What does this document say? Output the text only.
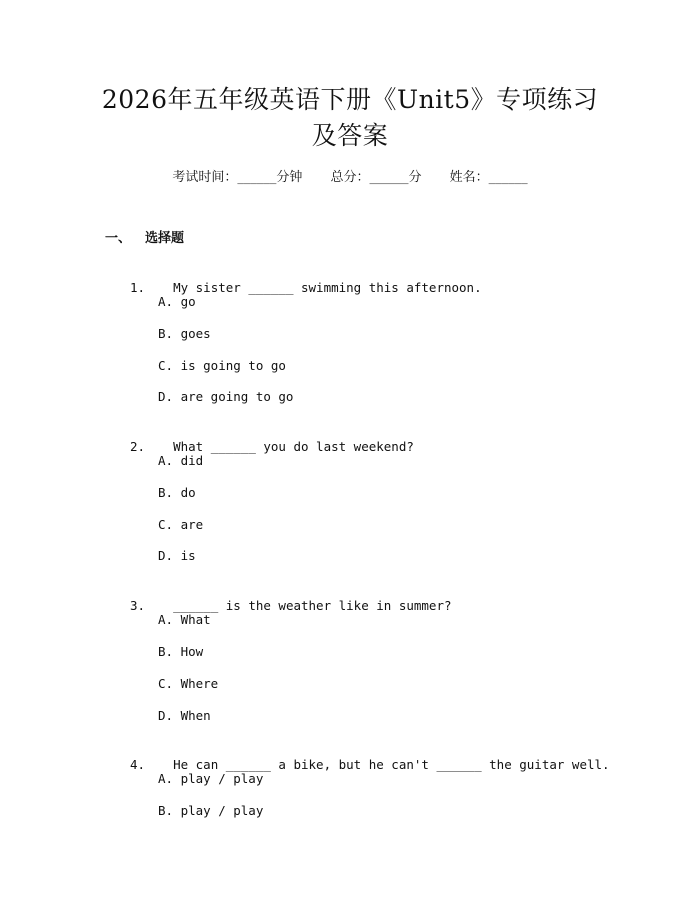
2026年五年级英语下册《Unit5》专项练习
及答案
考试时间：______分钟 总分：______分 姓名：______
一、 选择题

1. My sister ______ swimming this afternoon.

A. go
B. goes
C. is going to go
D. are going to go

2. What ______ you do last weekend?

A. did
B. do
C. are
D. is

3. ______ is the weather like in summer?

A. What
B. How
C. Where
D. When

4. He can ______ a bike, but he can't ______ the guitar well.

A. play / play
B. play / play
